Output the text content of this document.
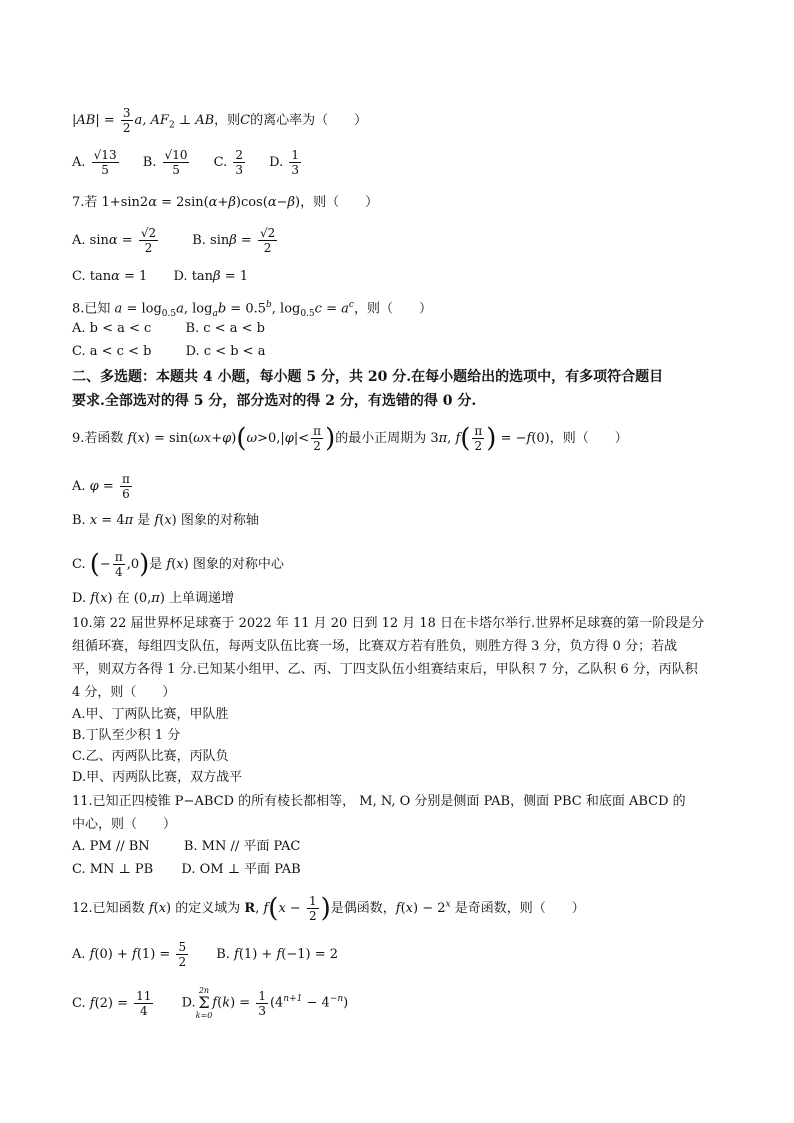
$|AB| = \frac{3}{2} a$, $AF_2$ ⊥ AB，则C的离心率为（　　）
A. $\frac{√13}{5} B$. $\frac{√10}{5} C$. $\frac{2}{3} D$. $\frac{1}{3}$
7.若 1+sin2α = 2sin(α+β)cos(α−β)，则（　　）
A. $\sin\alpha = \frac{√2}{2}$	B. $\sin\beta = \frac{√2}{2}$
C. tanα = 1 D. tanβ = 1
8.已知 $a = \log_{0.5}a$, $\log_ab = 0.5^b$, $\log_{0.5}c = a^c$，则（　　）
A. b < a < c	B. c < a < b
C. a < c < b	D. c < b < a
二、多选题：本题共 4 小题，每小题 5 分，共 20 分.在每小题给出的选项中，有多项符合题目
要求.全部选对的得 5 分，部分选对的得 2 分，有选错的得 0 分.
9.若函数 $f(x) = \sin(\omega x+\varphi)(\omega>0,|\varphi|< \frac{\pi}{2}$ )的最小正周期为 3π, $f( \frac{\pi}{2}$ ) = −f(0)，则（　　）
A. $\varphi = \frac{\pi}{6}$
B. x = 4π 是 f(x) 图象的对称轴
C. (− $\frac{\pi}{4} ,0$)是 f(x) 图象的对称中心
D. f(x) 在 (0,π) 上单调递增
10.第 22 届世界杯足球赛于 2022 年 11 月 20 日到 12 月 18 日在卡塔尔举行.世界杯足球赛的第一阶段是分
组循环赛，每组四支队伍，每两支队伍比赛一场，比赛双方若有胜负，则胜方得 3 分，负方得 0 分；若战
平，则双方各得 1 分.已知某小组甲、乙、丙、丁四支队伍小组赛结束后，甲队积 7 分，乙队积 6 分，丙队积
4 分，则（　　）
A.甲、丁两队比赛，甲队胜
B.丁队至少积 1 分
C.乙、丙两队比赛，丙队负
D.甲、丙两队比赛，双方战平
11.已知正四棱锥 P−ABCD 的所有棱长都相等， M, N, O 分别是侧面 PAB，侧面 PBC 和底面 ABCD 的
中心，则（　　）
A. PM // BN	B. MN // 平面 PAC
C. MN ⊥ PB D. OM ⊥ 平面 PAB
12.已知函数 f(x) 的定义域为 R, $f(x - \frac{1}{2}$ )是偶函数，$f(x) - 2^x$ 是奇函数，则（　　）
A. $f(0) + f(1) = \frac{5}{2} B$. f(1) + f(−1) = 2
C. $f(2) = \frac{11}{4} D$.
2n
Σ
k=0
$f(k) = \frac{1}{3} (4^{n+1} - 4^{-n})$
